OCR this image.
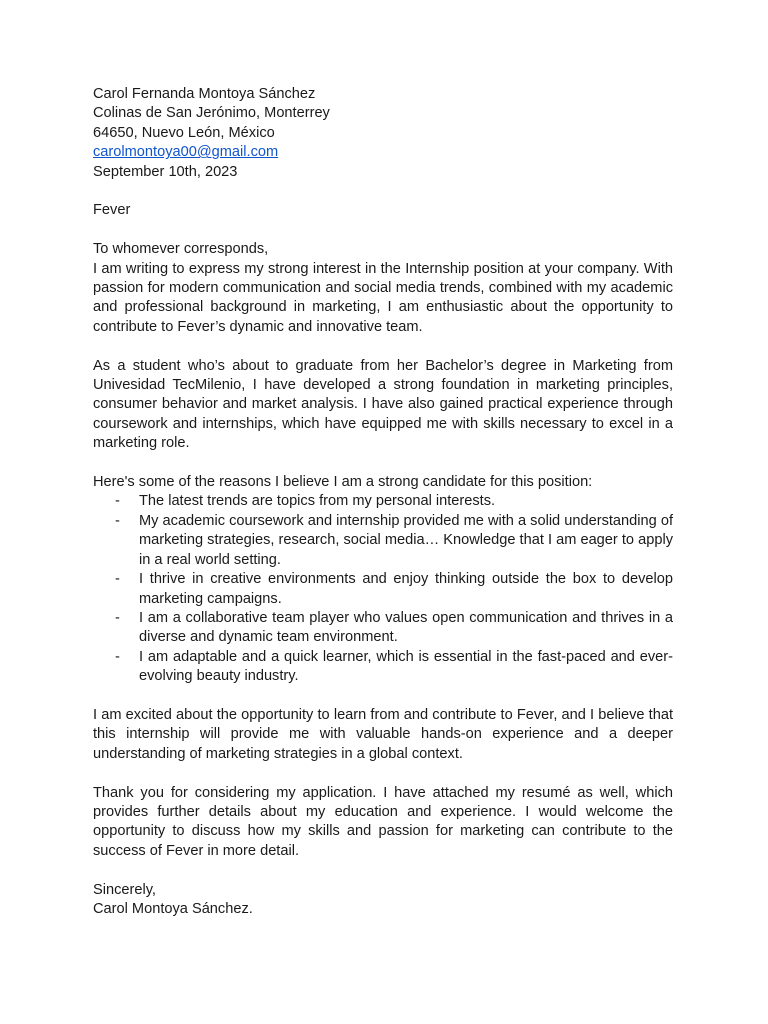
Carol Fernanda Montoya Sánchez
Colinas de San Jerónimo, Monterrey
64650, Nuevo León, México
carolmontoya00@gmail.com
September 10th, 2023
Fever
To whomever corresponds,

I am writing to express my strong interest in the Internship position at your company. With passion for modern communication and social media trends, combined with my academic and professional background in marketing, I am enthusiastic about the opportunity to contribute to Fever’s dynamic and innovative team.

As a student who’s about to graduate from her Bachelor’s degree in Marketing from Univesidad TecMilenio, I have developed a strong foundation in marketing principles, consumer behavior and market analysis. I have also gained practical experience through coursework and internships, which have equipped me with skills necessary to excel in a marketing role.

Here's some of the reasons I believe I am a strong candidate for this position:
- The latest trends are topics from my personal interests.
- My academic coursework and internship provided me with a solid understanding of marketing strategies, research, social media… Knowledge that I am eager to apply in a real world setting.
- I thrive in creative environments and enjoy thinking outside the box to develop marketing campaigns.
- I am a collaborative team player who values open communication and thrives in a diverse and dynamic team environment.
- I am adaptable and a quick learner, which is essential in the fast-paced and ever-evolving beauty industry.

I am excited about the opportunity to learn from and contribute to Fever, and I believe that this internship will provide me with valuable hands-on experience and a deeper understanding of marketing strategies in a global context.

Thank you for considering my application. I have attached my resumé as well, which provides further details about my education and experience. I would welcome the opportunity to discuss how my skills and passion for marketing can contribute to the success of Fever in more detail.

Sincerely,
Carol Montoya Sánchez.
